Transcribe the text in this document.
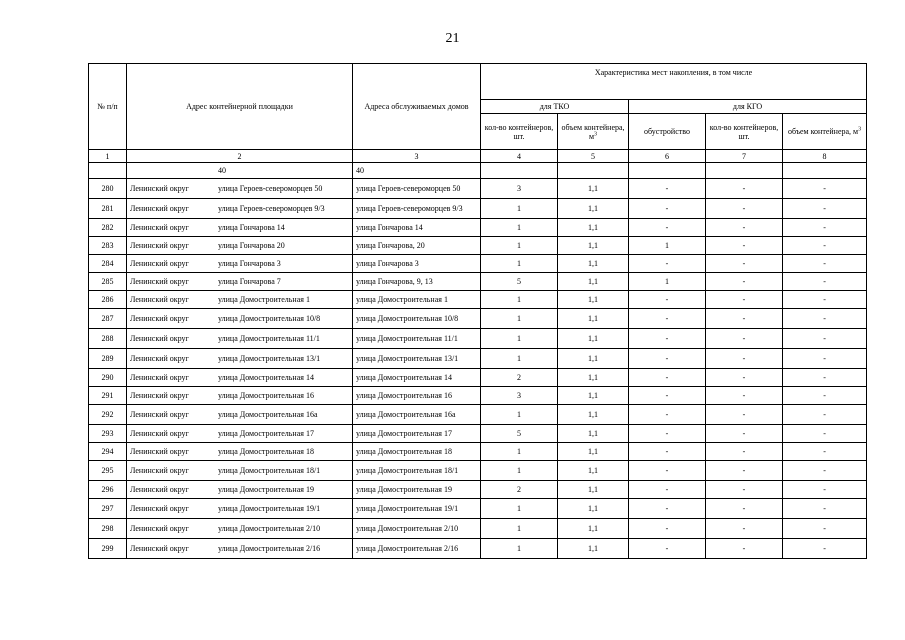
21
№ п/п	Адрес контейнерной площадки	Адреса обслуживаемых домов	Характеристика мест накопления, в том числе				
			для ТКО		для КГО		
			кол-во контейнеров, шт.	объем контейнера, $м^3$	обустройство	кол-во контейнеров, шт.	объем контейнера, $м^3$
1	2	3	4	5	6	7	8

	40	40					
280	Ленинский округ улица Героев-североморцев 50	улица Героев-североморцев 50	3	1,1	-	-	-
281	Ленинский округ улица Героев-североморцев 9/3	улица Героев-североморцев 9/3	1	1,1	-	-	-
282	Ленинский округ улица Гончарова 14	улица Гончарова 14	1	1,1	-	-	-
283	Ленинский округ улица Гончарова 20	улица Гончарова, 20	1	1,1	1	-	-
284	Ленинский округ улица Гончарова 3	улица Гончарова 3	1	1,1	-	-	-
285	Ленинский округ улица Гончарова 7	улица Гончарова, 9, 13	5	1,1	1	-	-
286	Ленинский округ улица Домостроительная 1	улица Домостроительная 1	1	1,1	-	-	-
287	Ленинский округ улица Домостроительная 10/8	улица Домостроительная 10/8	1	1,1	-	-	-
288	Ленинский округ улица Домостроительная 11/1	улица Домостроительная 11/1	1	1,1	-	-	-
289	Ленинский округ улица Домостроительная 13/1	улица Домостроительная 13/1	1	1,1	-	-	-
290	Ленинский округ улица Домостроительная 14	улица Домостроительная 14	2	1,1	-	-	-
291	Ленинский округ улица Домостроительная 16	улица Домостроительная 16	3	1,1	-	-	-
292	Ленинский округ улица Домостроительная 16а	улица Домостроительная 16а	1	1,1	-	-	-
293	Ленинский округ улица Домостроительная 17	улица Домостроительная 17	5	1,1	-	-	-
294	Ленинский округ улица Домостроительная 18	улица Домостроительная 18	1	1,1	-	-	-
295	Ленинский округ улица Домостроительная 18/1	улица Домостроительная 18/1	1	1,1	-	-	-
296	Ленинский округ улица Домостроительная 19	улица Домостроительная 19	2	1,1	-	-	-
297	Ленинский округ улица Домостроительная 19/1	улица Домостроительная 19/1	1	1,1	-	-	-
298	Ленинский округ улица Домостроительная 2/10	улица Домостроительная 2/10	1	1,1	-	-	-
299	Ленинский округ улица Домостроительная 2/16	улица Домостроительная 2/16	1	1,1	-	-	-
